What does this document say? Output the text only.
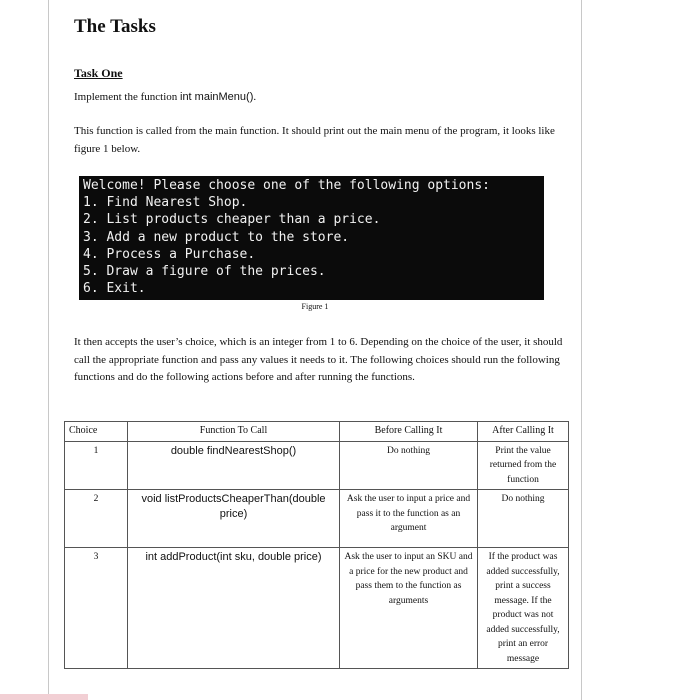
The Tasks
Task One
Implement the function int mainMenu().
This function is called from the main function. It should print out the main menu of the program, it looks like figure 1 below.
Welcome! Please choose one of the following options:
1. Find Nearest Shop.
2. List products cheaper than a price.
3. Add a new product to the store.
4. Process a Purchase.
5. Draw a figure of the prices.
6. Exit.
Figure 1
It then accepts the user’s choice, which is an integer from 1 to 6. Depending on the choice of the user, it should call the appropriate function and pass any values it needs to it. The following choices should run the following functions and do the following actions before and after running the functions.
Choice	Function To Call	Before Calling It	After Calling It
1	double findNearestShop()	Do nothing	Print the value returned from the function
2	void listProductsCheaperThan(double price)	Ask the user to input a price and pass it to the function as an argument	Do nothing
3	int addProduct(int sku, double price)	Ask the user to input an SKU and a price for the new product and pass them to the function as arguments	If the product was added successfully, print a success message. If the product was not added successfully, print an error message
